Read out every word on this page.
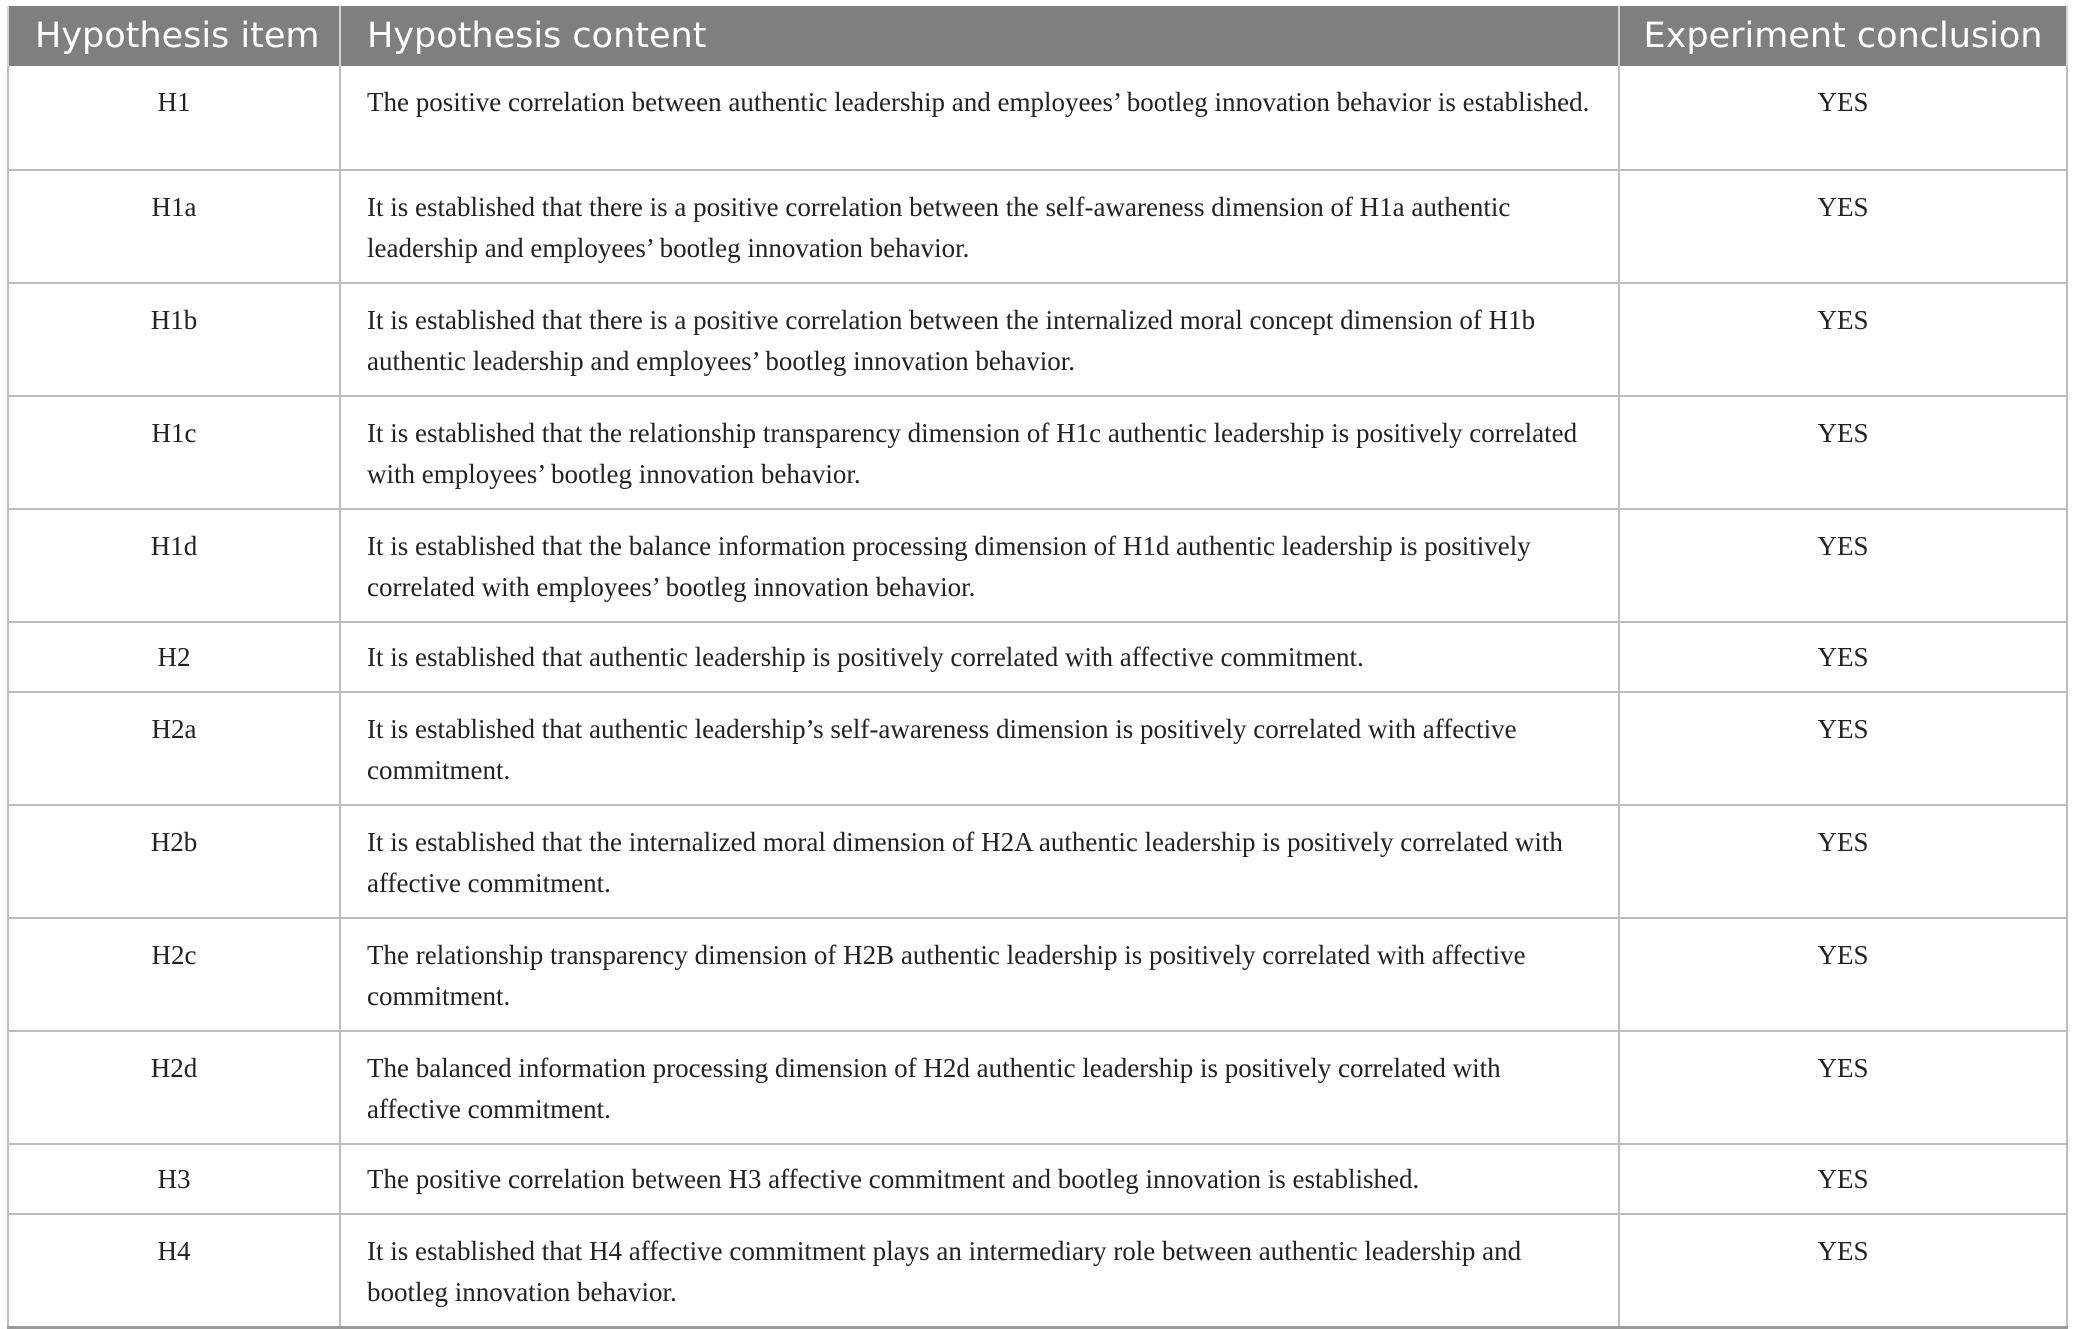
Hypothesis item	Hypothesis content	Experiment conclusion
H1	The positive correlation between authentic leadership and employees’ bootleg innovation behavior is established.	YES
H1a	It is established that there is a positive correlation between the self-awareness dimension of H1a authentic leadership and employees’ bootleg innovation behavior.	YES
H1b	It is established that there is a positive correlation between the internalized moral concept dimension of H1b authentic leadership and employees’ bootleg innovation behavior.	YES
H1c	It is established that the relationship transparency dimension of H1c authentic leadership is positively correlated with employees’ bootleg innovation behavior.	YES
H1d	It is established that the balance information processing dimension of H1d authentic leadership is positively correlated with employees’ bootleg innovation behavior.	YES
H2	It is established that authentic leadership is positively correlated with affective commitment.	YES
H2a	It is established that authentic leadership’s self-awareness dimension is positively correlated with affective commitment.	YES
H2b	It is established that the internalized moral dimension of H2A authentic leadership is positively correlated with affective commitment.	YES
H2c	The relationship transparency dimension of H2B authentic leadership is positively correlated with affective commitment.	YES
H2d	The balanced information processing dimension of H2d authentic leadership is positively correlated with affective commitment.	YES
H3	The positive correlation between H3 affective commitment and bootleg innovation is established.	YES
H4	It is established that H4 affective commitment plays an intermediary role between authentic leadership and bootleg innovation behavior.	YES
